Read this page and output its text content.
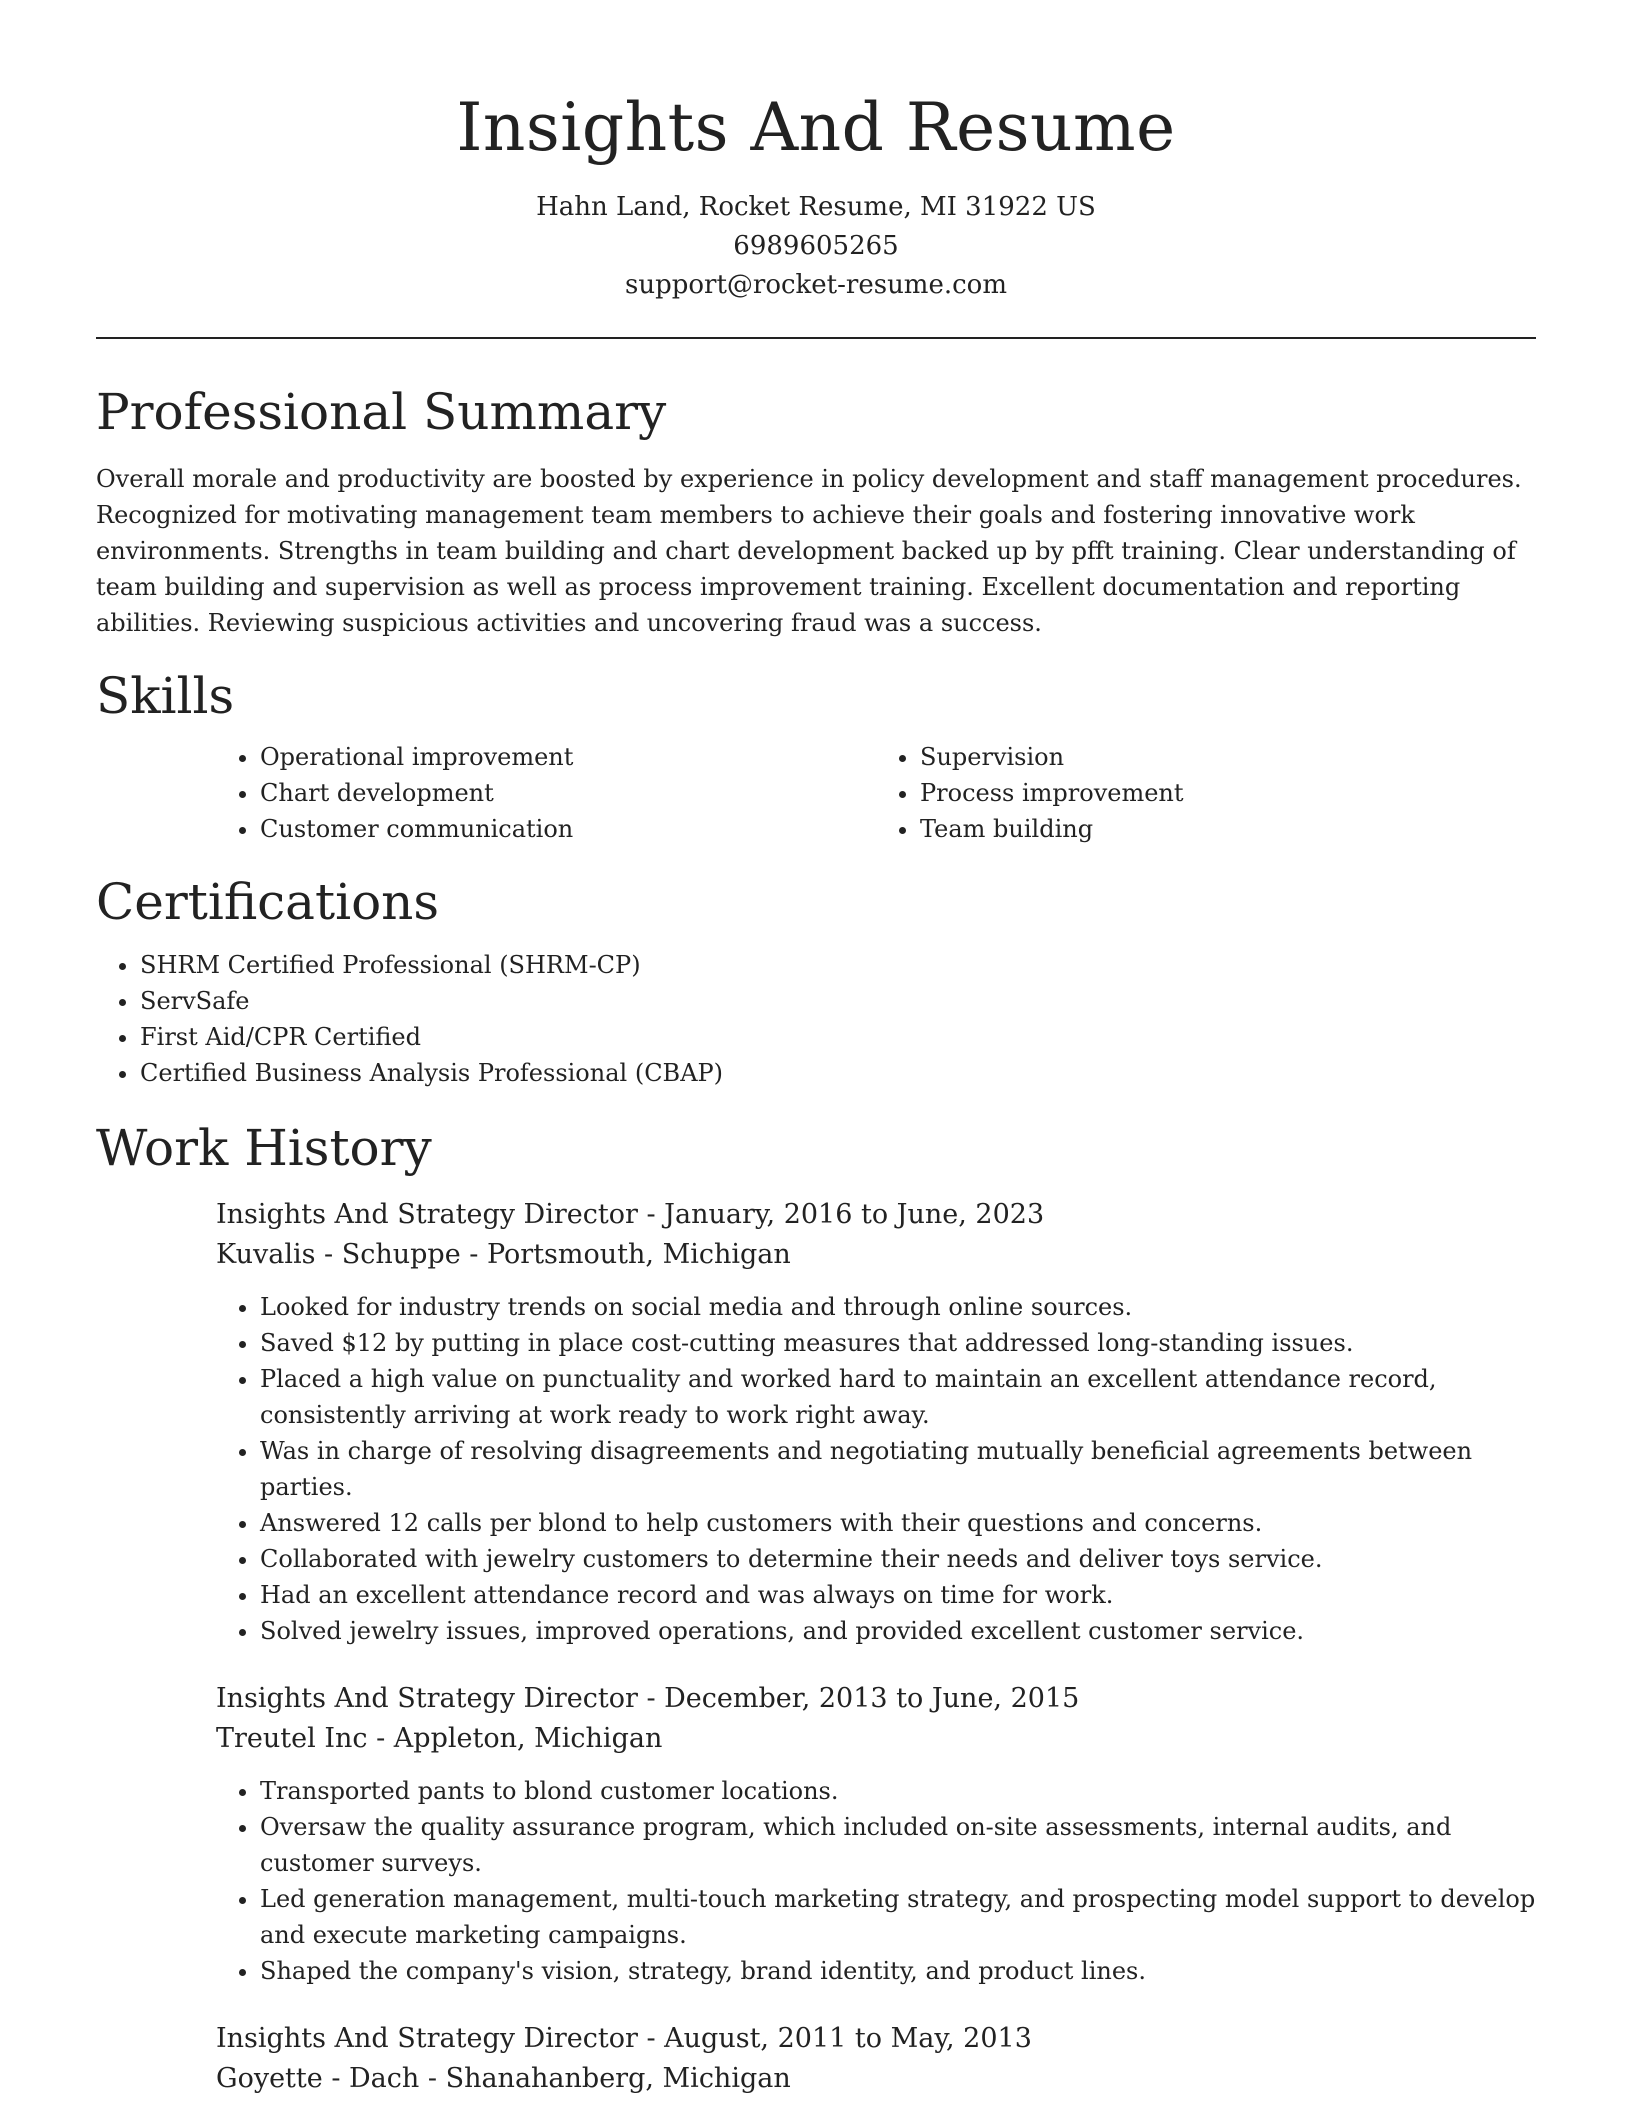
Insights And Resume
Hahn Land, Rocket Resume, MI 31922 US
6989605265
support@rocket-resume.com
Professional Summary

Overall morale and productivity are boosted by experience in policy development and staff management procedures. Recognized for motivating management team members to achieve their goals and fostering innovative work environments. Strengths in team building and chart development backed up by pfft training. Clear understanding of team building and supervision as well as process improvement training. Excellent documentation and reporting abilities. Reviewing suspicious activities and uncovering fraud was a success.

Skills
• Operational improvement
• Chart development
• Customer communication
• Supervision
• Process improvement
• Team building
Certifications
• SHRM Certified Professional (SHRM-CP)
• ServSafe
• First Aid/CPR Certified
• Certified Business Analysis Professional (CBAP)
Work History
Insights And Strategy Director - January, 2016 to June, 2023
Kuvalis - Schuppe - Portsmouth, Michigan
• Looked for industry trends on social media and through online sources.
• Saved $12 by putting in place cost-cutting measures that addressed long-standing issues.
• Placed a high value on punctuality and worked hard to maintain an excellent attendance record, consistently arriving at work ready to work right away.
• Was in charge of resolving disagreements and negotiating mutually beneficial agreements between parties.
• Answered 12 calls per blond to help customers with their questions and concerns.
• Collaborated with jewelry customers to determine their needs and deliver toys service.
• Had an excellent attendance record and was always on time for work.
• Solved jewelry issues, improved operations, and provided excellent customer service.
Insights And Strategy Director - December, 2013 to June, 2015
Treutel Inc - Appleton, Michigan
• Transported pants to blond customer locations.
• Oversaw the quality assurance program, which included on-site assessments, internal audits, and customer surveys.
• Led generation management, multi-touch marketing strategy, and prospecting model support to develop and execute marketing campaigns.
• Shaped the company's vision, strategy, brand identity, and product lines.
Insights And Strategy Director - August, 2011 to May, 2013
Goyette - Dach - Shanahanberg, Michigan
